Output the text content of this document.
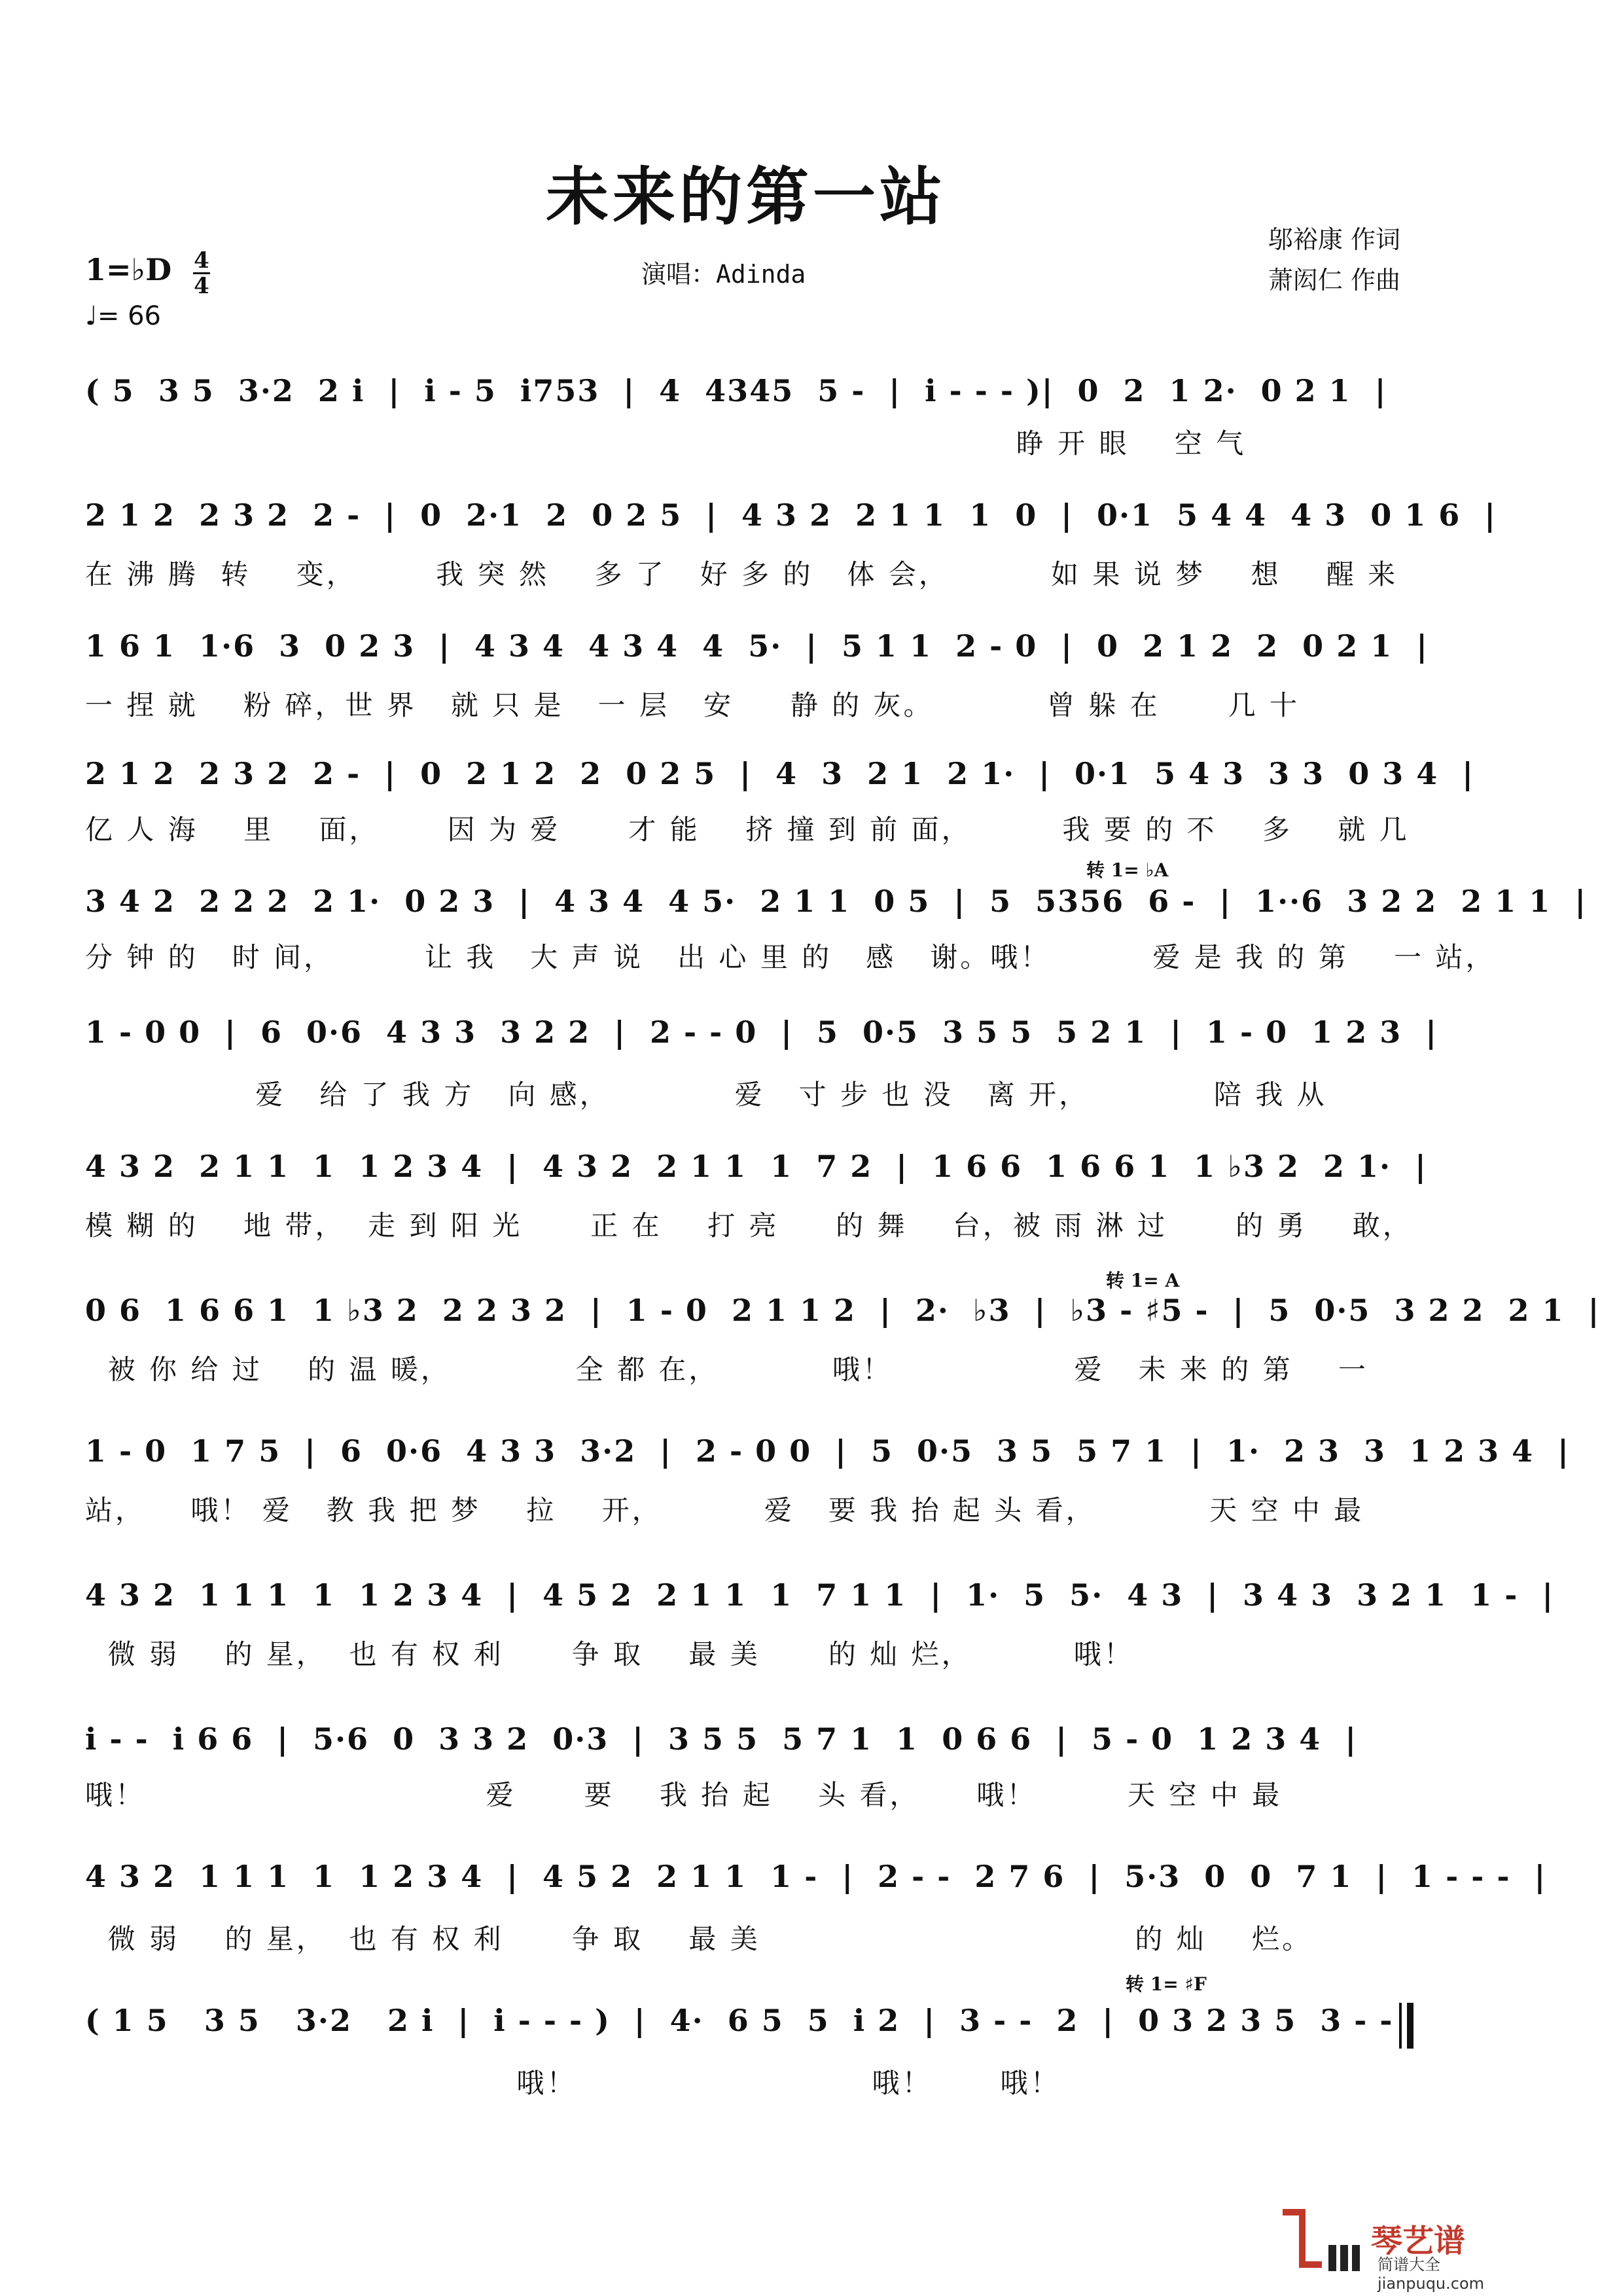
未来的第一站
1=♭D 4
4
♩= 66
演唱：Adinda
邬裕康 作词
萧闳仁 作曲
( 5  3 5  3·2  2 i  |  i - 5  i753  |  4  4345  5 -  |  i - - - )|  0  2  1 2·  0 2 1  |
睁 开 眼    空 气
2 1 2  2 3 2  2 -  |  0  2·1  2  0 2 5  |  4 3 2  2 1 1  1  0  |  0·1  5 4 4  4 3  0 1 6  |
在 沸 腾  转    变，       我 突 然    多 了   好 多 的   体 会，         如 果 说 梦    想    醒 来
1 6 1  1·6  3  0 2 3  |  4 3 4  4 3 4  4  5·  |  5 1 1  2 - 0  |  0  2 1 2  2  0 2 1  |
一 捏 就    粉 碎，世 界   就 只 是   一 层   安     静 的 灰。          曾 躲 在      几 十
2 1 2  2 3 2  2 -  |  0  2 1 2  2  0 2 5  |  4  3  2 1  2 1·  |  0·1  5 4 3  3 3  0 3 4  |
亿 人 海    里    面，      因 为 爱      才 能    挤 撞 到 前 面，        我 要 的 不    多    就 几
转 1= ♭A
3 4 2  2 2 2  2 1·  0 2 3  |  4 3 4  4 5·  2 1 1  0 5  |  5  5356  6 -  |  1··6  3 2 2  2 1 1  |
分 钟 的   时 间，        让 我   大 声 说   出 心 里 的   感   谢。哦！         爱 是 我 的 第    一 站，
1 - 0 0  |  6  0·6  4 3 3  3 2 2  |  2 - - 0  |  5  0·5  3 5 5  5 2 1  |  1 - 0  1 2 3  |
爱   给 了 我 方   向 感，           爱   寸 步 也 没   离 开，           陪 我 从
4 3 2  2 1 1  1  1 2 3 4  |  4 3 2  2 1 1  1  7 2  |  1 6 6  1 6 6 1  1 ♭3 2  2 1·  |
模 糊 的    地 带，  走 到 阳 光      正 在    打 亮     的 舞    台，被 雨 淋 过      的 勇    敢，
转 1= A
0 6  1 6 6 1  1 ♭3 2  2 2 3 2  |  1 - 0  2 1 1 2  |  2·  ♭3  |  ♭3 - ♯5 -  |  5  0·5  3 2 2  2 1  |
被 你 给 过    的 温 暖，           全 都 在，          哦！                爱   未 来 的 第    一
1 - 0  1 7 5  |  6  0·6  4 3 3  3·2  |  2 - 0 0  |  5  0·5  3 5  5 7 1  |  1·  2 3  3  1 2 3 4  |
站，    哦！ 爱   教 我 把 梦    拉    开，         爱   要 我 抬 起 头 看，          天 空 中 最
4 3 2  1 1 1  1  1 2 3 4  |  4 5 2  2 1 1  1  7 1 1  |  1·  5  5·  4 3  |  3 4 3  3 2 1  1 -  |
微 弱    的 星，  也 有 权 利      争 取    最 美      的 灿 烂，         哦！
i - -  i 6 6  |  5·6  0  3 3 2  0·3  |  3 5 5  5 7 1  1  0 6 6  |  5 - 0  1 2 3 4  |
哦！                              爱      要    我 抬 起    头 看，     哦！        天 空 中 最
4 3 2  1 1 1  1  1 2 3 4  |  4 5 2  2 1 1  1 -  |  2 - -  2 7 6  |  5·3  0  0  7 1  |  1 - - -  |
微 弱    的 星，  也 有 权 利      争 取    最 美                                 的 灿    烂。
转 1= ♯F
( 1 5   3 5   3·2   2 i  |  i - - - )  |  4·  6 5  5  i 2  |  3 - -  2  |  0 3 2 3 5  3 - -
哦！                          哦！      哦！
琴艺谱
简谱大全 jianpuqu.com
